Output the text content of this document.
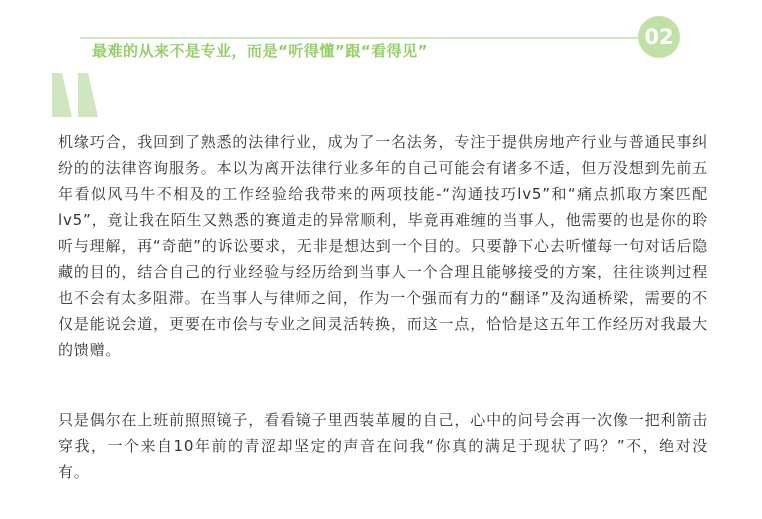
最难的从来不是专业，而是“听得懂”跟“看得见”
02
机缘巧合，我回到了熟悉的法律行业，成为了一名法务，专注于提供房地产行业与普通民事纠纷的的法律咨询服务。本以为离开法律行业多年的自己可能会有诸多不适，但万没想到先前五年看似风马牛不相及的工作经验给我带来的两项技能-“沟通技巧lv5”和“痛点抓取方案匹配lv5”，竟让我在陌生又熟悉的赛道走的异常顺利，毕竟再难缠的当事人，他需要的也是你的聆听与理解，再“奇葩”的诉讼要求，无非是想达到一个目的。只要静下心去听懂每一句对话后隐藏的目的，结合自己的行业经验与经历给到当事人一个合理且能够接受的方案，往往谈判过程也不会有太多阻滞。在当事人与律师之间，作为一个强而有力的“翻译”及沟通桥梁，需要的不仅是能说会道，更要在市侩与专业之间灵活转换，而这一点，恰恰是这五年工作经历对我最大的馈赠。
只是偶尔在上班前照照镜子，看看镜子里西装革履的自己，心中的问号会再一次像一把利箭击穿我，一个来自10年前的青涩却坚定的声音在问我“你真的满足于现状了吗？”不，绝对没有。
